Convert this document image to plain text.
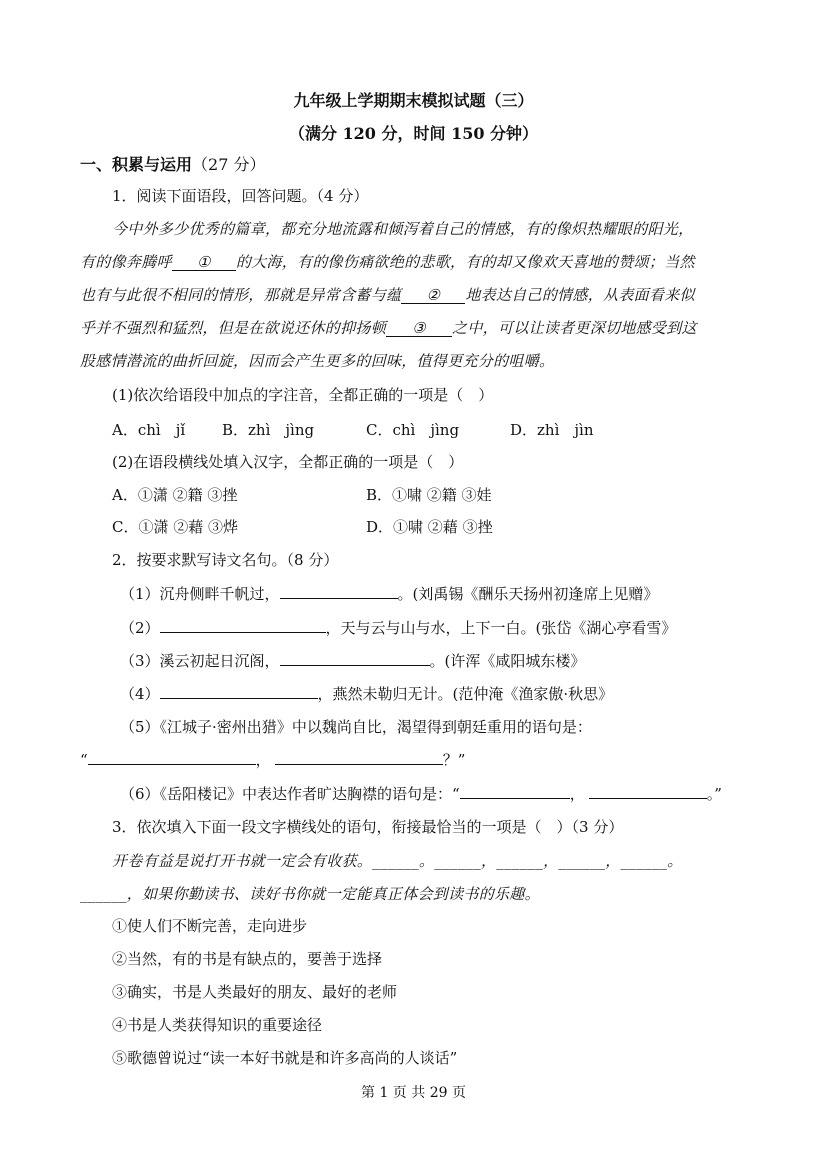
九年级上学期期末模拟试题（三）
（满分 120 分，时间 150 分钟）
一、积累与运用（27 分）
1．阅读下面语段，回答问题。（4 分）
今中外多少优秀的篇章，都充分地流露和倾泻着自己的情感，有的像炽热耀眼的阳光，
有的像奔腾呼 ① 的大海，有的像伤痛欲绝的悲歌，有的却又像欢天喜地的赞颂；当然
也有与此很不相同的情形，那就是异常含蓄与蕴 ② 地表达自己的情感，从表面看来似
乎并不强烈和猛烈，但是在欲说还休的抑扬顿 ③ 之中，可以让读者更深切地感受到这
股感情潜流的曲折回旋，因而会产生更多的回味，值得更充分的咀嚼。
(1)依次给语段中加点的字注音，全都正确的一项是（　）
A．chì　jǐ B．zhì　jìng	C．chì　jìng	D．zhì　jìn
(2)在语段横线处填入汉字，全都正确的一项是（　）
A．①潇 ②籍 ③挫	B．①啸 ②籍 ③娃
C．①潇 ②藉 ③烨	D．①啸 ②藉 ③挫
2．按要求默写诗文名句。（8 分）
（1）沉舟侧畔千帆过，	。(刘禹锡《酬乐天扬州初逢席上见赠》
（2）	，天与云与山与水，上下一白。(张岱《湖心亭看雪》
（3）溪云初起日沉阁，	。(许浑《咸阳城东楼》
（4）	，燕然未勒归无计。(范仲淹《渔家傲·秋思》
（5）《江城子·密州出猎》中以魏尚自比，渴望得到朝廷重用的语句是：
“	，	？”
（6）《岳阳楼记》中表达作者旷达胸襟的语句是：“	，	。”
3．依次填入下面一段文字横线处的语句，衔接最恰当的一项是（　）（3 分）
开卷有益是说打开书就一定会有收获。______。______，______，______，______。
______，如果你勤读书、读好书你就一定能真正体会到读书的乐趣。
①使人们不断完善，走向进步
②当然，有的书是有缺点的，要善于选择
③确实，书是人类最好的朋友、最好的老师
④书是人类获得知识的重要途径
⑤歌德曾说过“读一本好书就是和许多高尚的人谈话”
第 1 页 共 29 页
